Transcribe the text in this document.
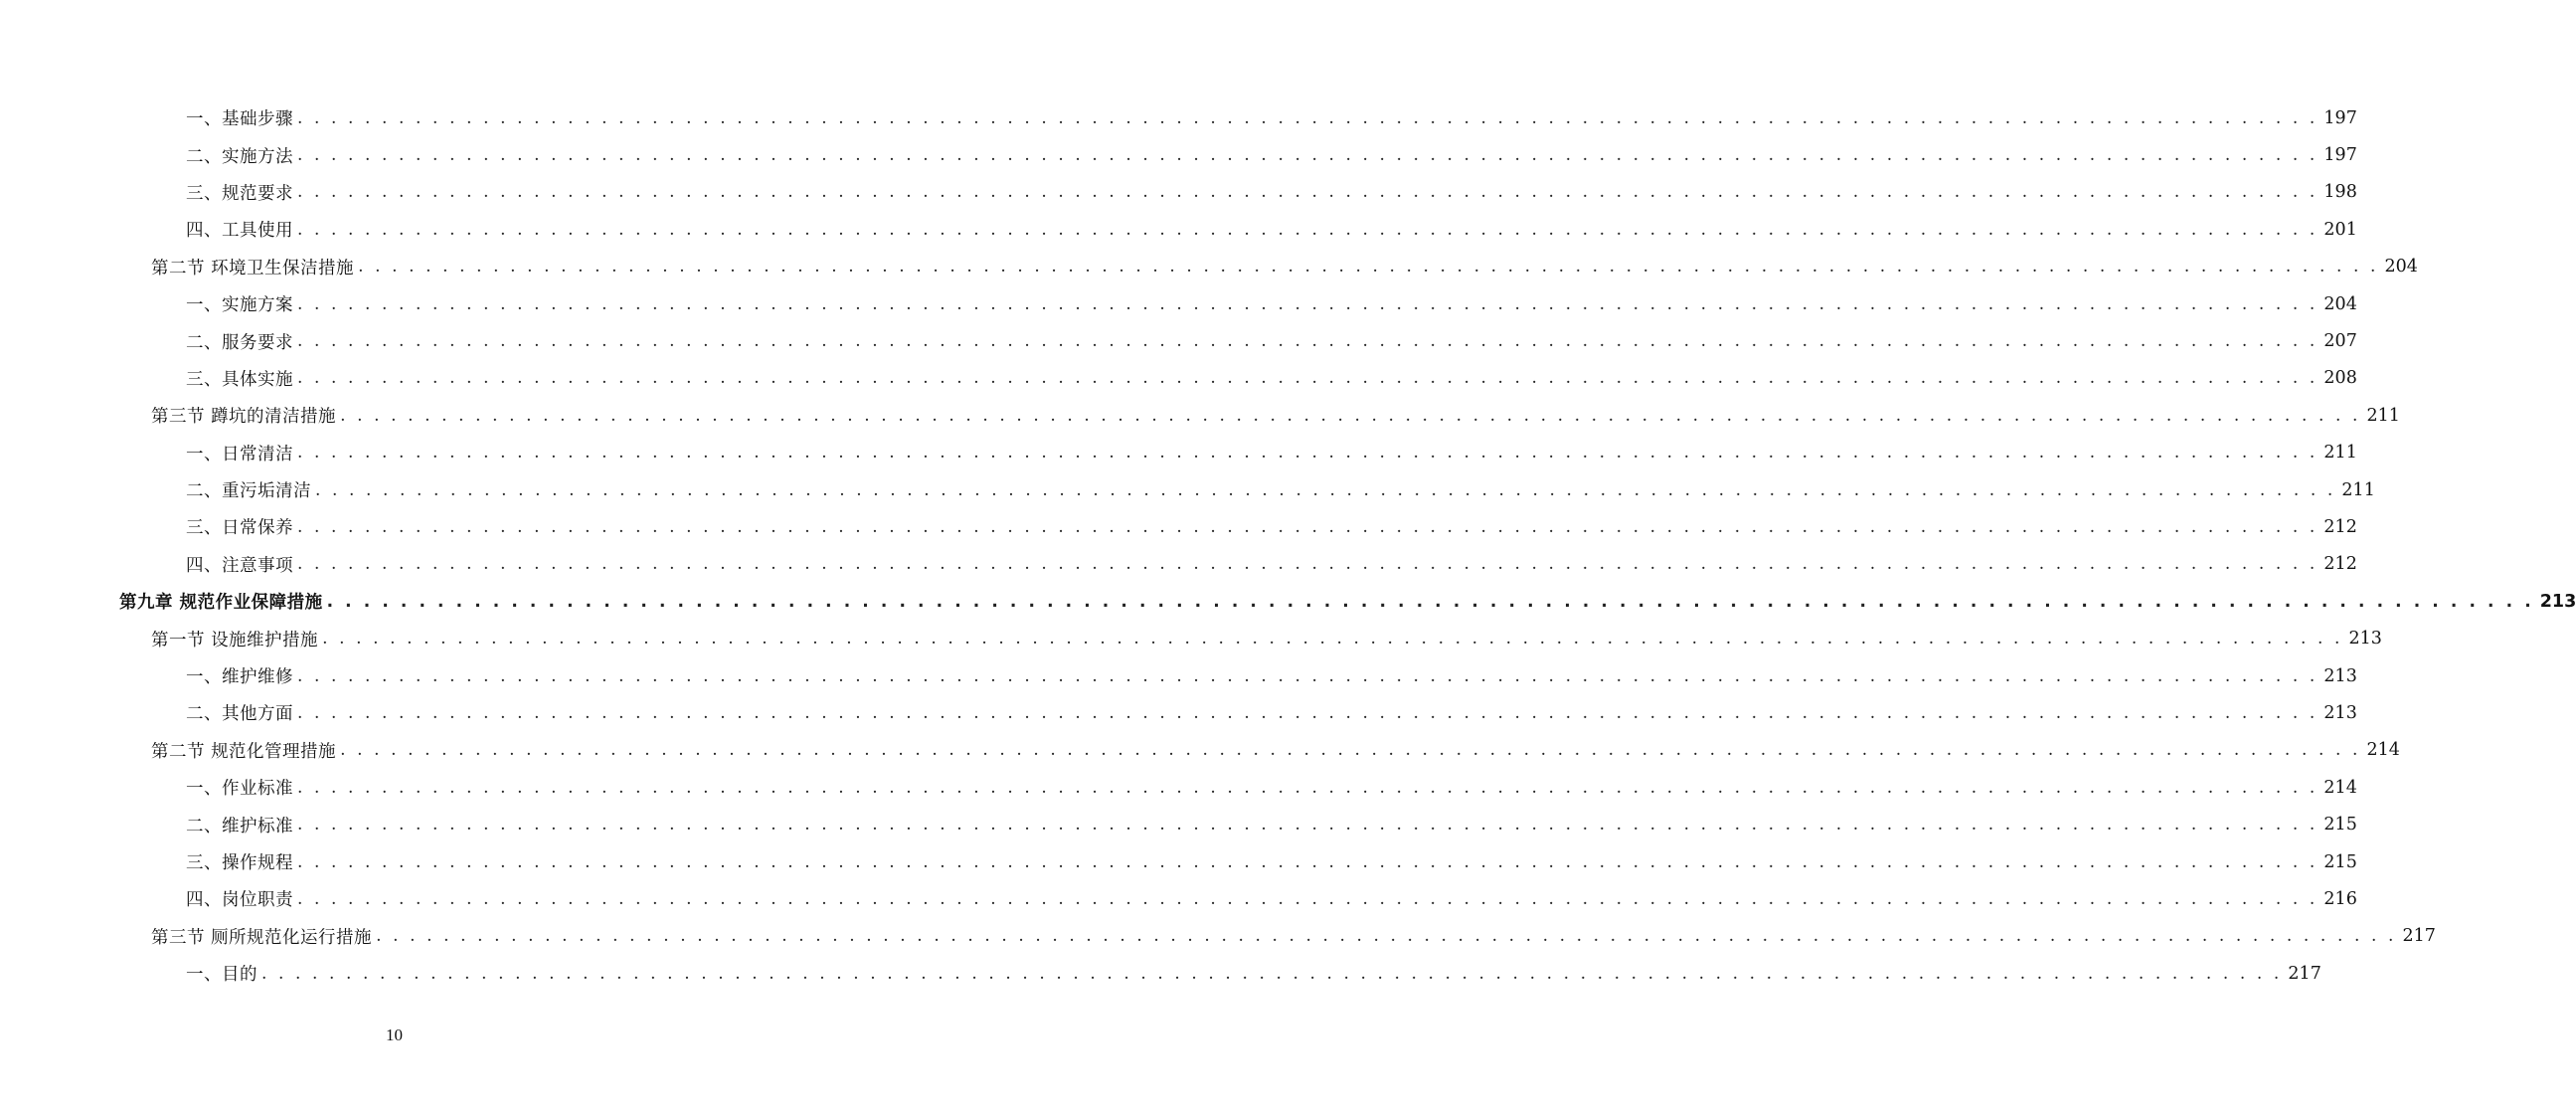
一、基础步骤 . . . . . . . . . . . . . . . . . . . . . . . . . . . . . . . . . . . . . . . . . . . . . . . . . . . . . . . . . . . . . . . . . . . . . . . . . . . . . . . . . . . . . . . . . . . . . . . . . . . . . . . . . . . . . . . . . . . . . . . . 197
二、实施方法 . . . . . . . . . . . . . . . . . . . . . . . . . . . . . . . . . . . . . . . . . . . . . . . . . . . . . . . . . . . . . . . . . . . . . . . . . . . . . . . . . . . . . . . . . . . . . . . . . . . . . . . . . . . . . . . . . . . . . . . . 197
三、规范要求 . . . . . . . . . . . . . . . . . . . . . . . . . . . . . . . . . . . . . . . . . . . . . . . . . . . . . . . . . . . . . . . . . . . . . . . . . . . . . . . . . . . . . . . . . . . . . . . . . . . . . . . . . . . . . . . . . . . . . . . . 198
四、工具使用 . . . . . . . . . . . . . . . . . . . . . . . . . . . . . . . . . . . . . . . . . . . . . . . . . . . . . . . . . . . . . . . . . . . . . . . . . . . . . . . . . . . . . . . . . . . . . . . . . . . . . . . . . . . . . . . . . . . . . . . . 201
第二节 环境卫生保洁措施 . . . . . . . . . . . . . . . . . . . . . . . . . . . . . . . . . . . . . . . . . . . . . . . . . . . . . . . . . . . . . . . . . . . . . . . . . . . . . . . . . . . . . . . . . . . . . . . . . . . . . . . . . . . . . . . . . . . . . . . . 204
一、实施方案 . . . . . . . . . . . . . . . . . . . . . . . . . . . . . . . . . . . . . . . . . . . . . . . . . . . . . . . . . . . . . . . . . . . . . . . . . . . . . . . . . . . . . . . . . . . . . . . . . . . . . . . . . . . . . . . . . . . . . . . . 204
二、服务要求 . . . . . . . . . . . . . . . . . . . . . . . . . . . . . . . . . . . . . . . . . . . . . . . . . . . . . . . . . . . . . . . . . . . . . . . . . . . . . . . . . . . . . . . . . . . . . . . . . . . . . . . . . . . . . . . . . . . . . . . . 207
三、具体实施 . . . . . . . . . . . . . . . . . . . . . . . . . . . . . . . . . . . . . . . . . . . . . . . . . . . . . . . . . . . . . . . . . . . . . . . . . . . . . . . . . . . . . . . . . . . . . . . . . . . . . . . . . . . . . . . . . . . . . . . . 208
第三节 蹲坑的清洁措施 . . . . . . . . . . . . . . . . . . . . . . . . . . . . . . . . . . . . . . . . . . . . . . . . . . . . . . . . . . . . . . . . . . . . . . . . . . . . . . . . . . . . . . . . . . . . . . . . . . . . . . . . . . . . . . . . . . . . . . . . 211
一、日常清洁 . . . . . . . . . . . . . . . . . . . . . . . . . . . . . . . . . . . . . . . . . . . . . . . . . . . . . . . . . . . . . . . . . . . . . . . . . . . . . . . . . . . . . . . . . . . . . . . . . . . . . . . . . . . . . . . . . . . . . . . . 211
二、重污垢清洁 . . . . . . . . . . . . . . . . . . . . . . . . . . . . . . . . . . . . . . . . . . . . . . . . . . . . . . . . . . . . . . . . . . . . . . . . . . . . . . . . . . . . . . . . . . . . . . . . . . . . . . . . . . . . . . . . . . . . . . . . 211
三、日常保养 . . . . . . . . . . . . . . . . . . . . . . . . . . . . . . . . . . . . . . . . . . . . . . . . . . . . . . . . . . . . . . . . . . . . . . . . . . . . . . . . . . . . . . . . . . . . . . . . . . . . . . . . . . . . . . . . . . . . . . . . 212
四、注意事项 . . . . . . . . . . . . . . . . . . . . . . . . . . . . . . . . . . . . . . . . . . . . . . . . . . . . . . . . . . . . . . . . . . . . . . . . . . . . . . . . . . . . . . . . . . . . . . . . . . . . . . . . . . . . . . . . . . . . . . . . 212
第九章 规范作业保障措施 . . . . . . . . . . . . . . . . . . . . . . . . . . . . . . . . . . . . . . . . . . . . . . . . . . . . . . . . . . . . . . . . . . . . . . . . . . . . . . . . . . . . . . . . . . . . . . . . . . . . . . . . . . . . . . . . . . . . . . . . 213
第一节 设施维护措施 . . . . . . . . . . . . . . . . . . . . . . . . . . . . . . . . . . . . . . . . . . . . . . . . . . . . . . . . . . . . . . . . . . . . . . . . . . . . . . . . . . . . . . . . . . . . . . . . . . . . . . . . . . . . . . . . . . . . . . . . 213
一、维护维修 . . . . . . . . . . . . . . . . . . . . . . . . . . . . . . . . . . . . . . . . . . . . . . . . . . . . . . . . . . . . . . . . . . . . . . . . . . . . . . . . . . . . . . . . . . . . . . . . . . . . . . . . . . . . . . . . . . . . . . . . 213
二、其他方面 . . . . . . . . . . . . . . . . . . . . . . . . . . . . . . . . . . . . . . . . . . . . . . . . . . . . . . . . . . . . . . . . . . . . . . . . . . . . . . . . . . . . . . . . . . . . . . . . . . . . . . . . . . . . . . . . . . . . . . . . 213
第二节 规范化管理措施 . . . . . . . . . . . . . . . . . . . . . . . . . . . . . . . . . . . . . . . . . . . . . . . . . . . . . . . . . . . . . . . . . . . . . . . . . . . . . . . . . . . . . . . . . . . . . . . . . . . . . . . . . . . . . . . . . . . . . . . . 214
一、作业标准 . . . . . . . . . . . . . . . . . . . . . . . . . . . . . . . . . . . . . . . . . . . . . . . . . . . . . . . . . . . . . . . . . . . . . . . . . . . . . . . . . . . . . . . . . . . . . . . . . . . . . . . . . . . . . . . . . . . . . . . . 214
二、维护标准 . . . . . . . . . . . . . . . . . . . . . . . . . . . . . . . . . . . . . . . . . . . . . . . . . . . . . . . . . . . . . . . . . . . . . . . . . . . . . . . . . . . . . . . . . . . . . . . . . . . . . . . . . . . . . . . . . . . . . . . . 215
三、操作规程 . . . . . . . . . . . . . . . . . . . . . . . . . . . . . . . . . . . . . . . . . . . . . . . . . . . . . . . . . . . . . . . . . . . . . . . . . . . . . . . . . . . . . . . . . . . . . . . . . . . . . . . . . . . . . . . . . . . . . . . . 215
四、岗位职责 . . . . . . . . . . . . . . . . . . . . . . . . . . . . . . . . . . . . . . . . . . . . . . . . . . . . . . . . . . . . . . . . . . . . . . . . . . . . . . . . . . . . . . . . . . . . . . . . . . . . . . . . . . . . . . . . . . . . . . . . 216
第三节 厕所规范化运行措施 . . . . . . . . . . . . . . . . . . . . . . . . . . . . . . . . . . . . . . . . . . . . . . . . . . . . . . . . . . . . . . . . . . . . . . . . . . . . . . . . . . . . . . . . . . . . . . . . . . . . . . . . . . . . . . . . . . . . . . . . 217
一、目的 . . . . . . . . . . . . . . . . . . . . . . . . . . . . . . . . . . . . . . . . . . . . . . . . . . . . . . . . . . . . . . . . . . . . . . . . . . . . . . . . . . . . . . . . . . . . . . . . . . . . . . . . . . . . . . . . . . . . . . . . 217
10
